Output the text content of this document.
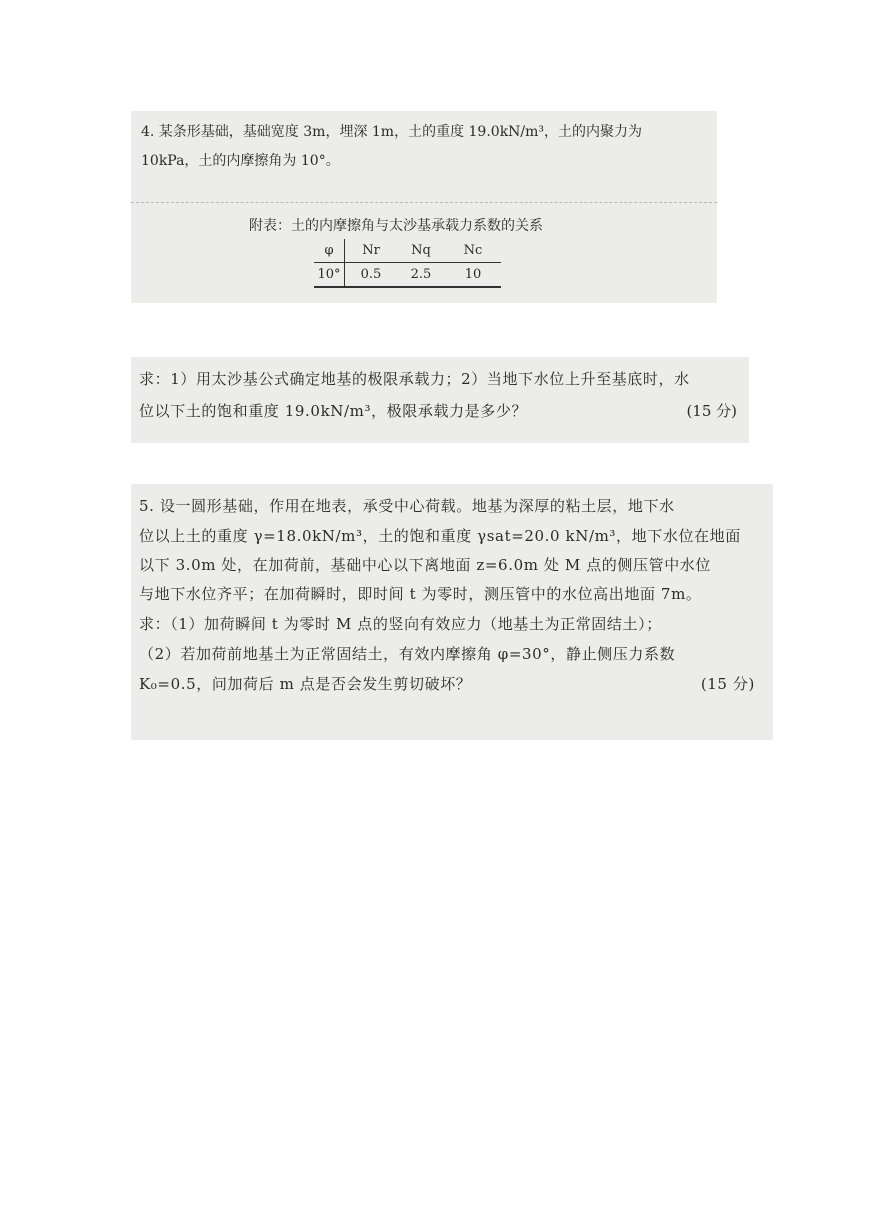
4. 某条形基础，基础宽度 3m，埋深 1m，土的重度 19.0kN/m³，土的内聚力为
10kPa，土的内摩擦角为 10°。
附表：土的内摩擦角与太沙基承载力系数的关系
φ	Nr	Nq	Nc
10°	0.5	2.5	10
求：1）用太沙基公式确定地基的极限承载力；2）当地下水位上升至基底时，水
位以下土的饱和重度 19.0kN/m³，极限承载力是多少？	(15 分)
5. 设一圆形基础，作用在地表，承受中心荷载。地基为深厚的粘土层，地下水
位以上土的重度 γ=18.0kN/m³，土的饱和重度 γsat=20.0 kN/m³，地下水位在地面
以下 3.0m 处，在加荷前，基础中心以下离地面 z=6.0m 处 M 点的侧压管中水位
与地下水位齐平；在加荷瞬时，即时间 t 为零时，测压管中的水位高出地面 7m。
求：（1）加荷瞬间 t 为零时 M 点的竖向有效应力（地基土为正常固结土）；
（2）若加荷前地基土为正常固结土，有效内摩擦角 φ=30°，静止侧压力系数
K₀=0.5，问加荷后 m 点是否会发生剪切破坏？	(15 分)
